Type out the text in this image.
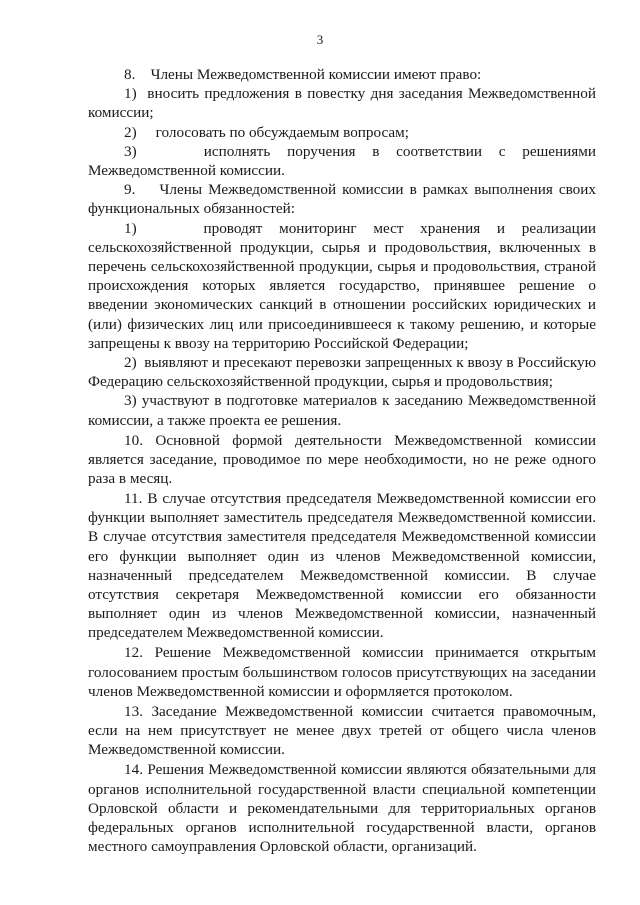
3

8.    Члены Межведомственной комиссии имеют право:

1)  вносить предложения в повестку дня заседания Межведомственной комиссии;

2)     голосовать по обсуждаемым вопросам;

3)    исполнять поручения в соответствии с решениями Межведомственной комиссии.

9.    Члены Межведомственной комиссии в рамках выполнения своих функциональных обязанностей:

1)    проводят мониторинг мест хранения и реализации сельскохозяйственной продукции, сырья и продовольствия, включенных в перечень сельскохозяйственной продукции, сырья и продовольствия, страной происхождения которых является государство, принявшее решение о введении экономических санкций в отношении российских юридических и (или) физических лиц или присоединившееся к такому решению, и которые запрещены к ввозу на территорию Российской Федерации;

2)  выявляют и пресекают перевозки запрещенных к ввозу в Российскую Федерацию сельскохозяйственной продукции, сырья и продовольствия;

3) участвуют в подготовке материалов к заседанию Межведомственной комиссии, а также проекта ее решения.

10. Основной формой деятельности Межведомственной комиссии является заседание, проводимое по мере необходимости, но не реже одного раза в месяц.

11. В случае отсутствия председателя Межведомственной комиссии его функции выполняет заместитель председателя Межведомственной комиссии. В случае отсутствия заместителя председателя Межведомственной комиссии его функции выполняет один из членов Межведомственной комиссии, назначенный председателем Межведомственной комиссии. В случае отсутствия секретаря Межведомственной комиссии его обязанности выполняет один из членов Межведомственной комиссии, назначенный председателем Межведомственной комиссии.

12. Решение Межведомственной комиссии принимается открытым голосованием простым большинством голосов присутствующих на заседании членов Межведомственной комиссии и оформляется протоколом.

13. Заседание Межведомственной комиссии считается правомочным, если на нем присутствует не менее двух третей от общего числа членов Межведомственной комиссии.

14. Решения Межведомственной комиссии являются обязательными для органов исполнительной государственной власти специальной компетенции Орловской области и рекомендательными для территориальных органов федеральных органов исполнительной государственной власти, органов местного самоуправления Орловской области, организаций.
